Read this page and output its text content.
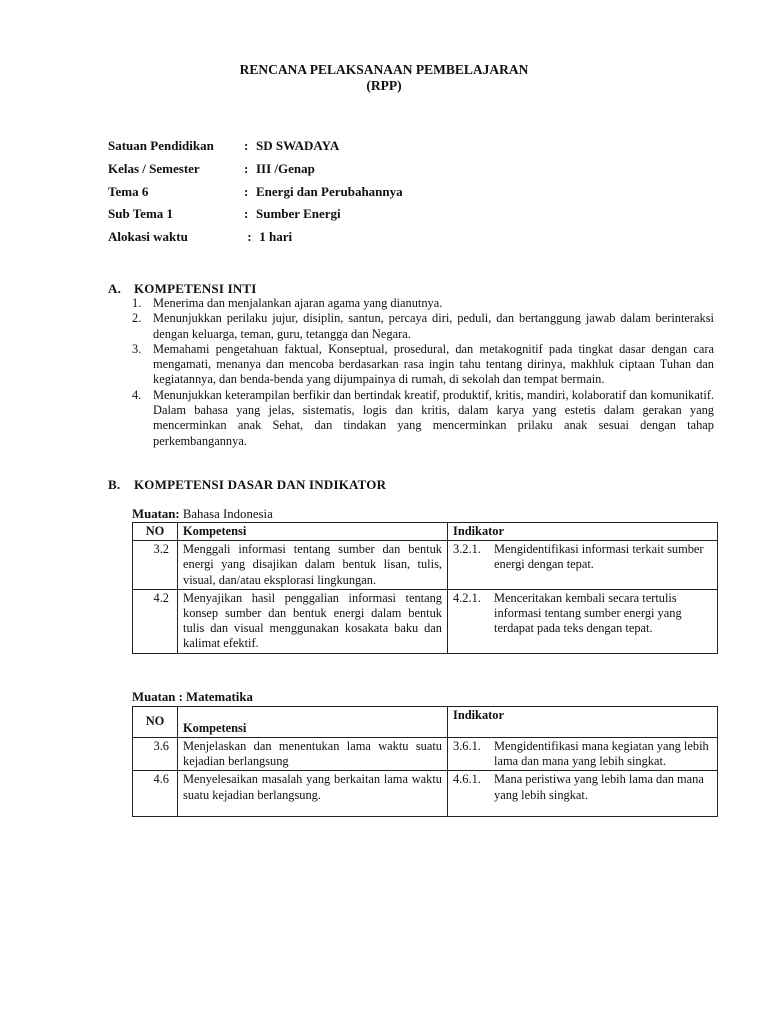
RENCANA PELAKSANAAN PEMBELAJARAN
(RPP)
Satuan Pendidikan	: SD SWADAYA
Kelas / Semester	: III /Genap
Tema 6	: Energi dan Perubahannya
Sub Tema 1	: Sumber Energi
Alokasi waktu	: 1 hari
A. KOMPETENSI INTI
1. Menerima dan menjalankan ajaran agama yang dianutnya.
2. Menunjukkan perilaku jujur, disiplin, santun, percaya diri, peduli, dan bertanggung jawab dalam berinteraksi dengan keluarga, teman, guru, tetangga dan Negara.
3. Memahami pengetahuan faktual, Konseptual, prosedural, dan metakognitif pada tingkat dasar dengan cara mengamati, menanya dan mencoba berdasarkan rasa ingin tahu tentang dirinya, makhluk ciptaan Tuhan dan kegiatannya, dan benda-benda yang dijumpainya di rumah, di sekolah dan tempat bermain.
4. Menunjukkan keterampilan berfikir dan bertindak kreatif, produktif, kritis, mandiri, kolaboratif dan komunikatif. Dalam bahasa yang jelas, sistematis, logis dan kritis, dalam karya yang estetis dalam gerakan yang mencerminkan anak Sehat, dan tindakan yang mencerminkan prilaku anak sesuai dengan tahap perkembangannya.
B. KOMPETENSI DASAR DAN INDIKATOR
Muatan: Bahasa Indonesia
NO	Kompetensi	Indikator
3.2	Menggali informasi tentang sumber dan bentuk energi yang disajikan dalam bentuk lisan, tulis, visual, dan/atau eksplorasi lingkungan.	3.2.1. Mengidentifikasi informasi terkait sumber energi dengan tepat.

4.2	Menyajikan hasil penggalian informasi tentang konsep sumber dan bentuk energi dalam bentuk tulis dan visual menggunakan kosakata baku dan kalimat efektif.	4.2.1. Menceritakan kembali secara tertulis informasi tentang sumber energi yang terdapat pada teks dengan tepat.
Muatan : Matematika
NO	Kompetensi	Indikator
3.6	Menjelaskan dan menentukan lama waktu suatu kejadian berlangsung	3.6.1. Mengidentifikasi mana kegiatan yang lebih lama dan mana yang lebih singkat.

4.6	Menyelesaikan masalah yang berkaitan lama waktu suatu kejadian berlangsung.	4.6.1. Mana peristiwa yang lebih lama dan mana yang lebih singkat.
